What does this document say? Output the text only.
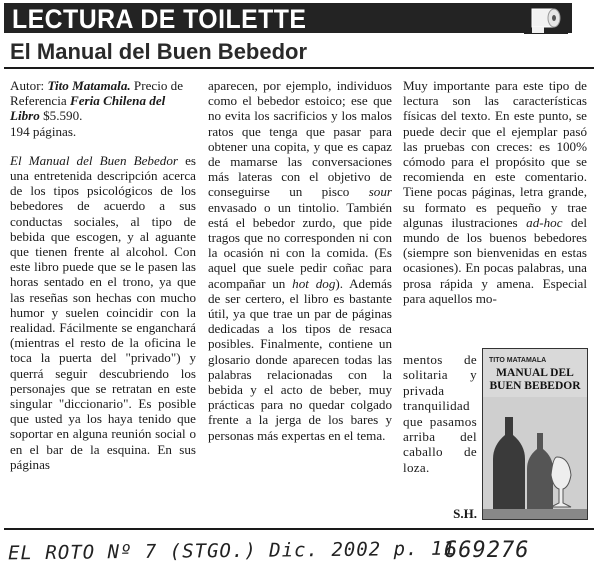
LECTURA DE TOILETTE
El Manual del Buen Bebedor

Autor: Tito Matamala. Precio de Referencia Feria Chilena del Libro $5.590.
194 páginas.

El Manual del Buen Bebedor es una entretenida descripción acerca de los tipos psicológicos de los bebedores de acuerdo a sus conductas sociales, al tipo de bebida que escogen, y al aguante que tienen frente al alcohol. Con este libro puede que se le pasen las horas sentado en el trono, ya que las reseñas son hechas con mucho humor y suelen coincidir con la realidad. Fácilmente se enganchará (mientras el resto de la oficina le toca la puerta del "privado") y querrá seguir descubriendo los personajes que se retratan en este singular "diccionario". Es posible que usted ya los haya tenido que soportar en alguna reunión social o en el bar de la esquina. En sus páginas

aparecen, por ejemplo, individuos como el bebedor estoico; ese que no evita los sacrificios y los malos ratos que tenga que pasar para obtener una copita, y que es capaz de mamarse las conversaciones más lateras con el objetivo de conseguirse un pisco sour envasado o un tintolio. También está el bebedor zurdo, que pide tragos que no corresponden ni con la ocasión ni con la comida. (Es aquel que suele pedir coñac para acompañar un hot dog). Además de ser certero, el libro es bastante útil, ya que trae un par de páginas dedicadas a los tipos de resaca posibles. Finalmente, contiene un glosario donde aparecen todas las palabras relacionadas con la bebida y el acto de beber, muy prácticas para no quedar colgado frente a la jerga de los bares y personas más expertas en el tema.

Muy importante para este tipo de lectura son las características físicas del texto. En este punto, se puede decir que el ejemplar pasó las pruebas con creces: es 100% cómodo para el propósito que se recomienda en este comentario. Tiene pocas páginas, letra grande, su formato es pequeño y trae algunas ilustraciones ad-hoc del mundo de los buenos bebedores (siempre son bienvenidas en estas ocasiones). En pocas palabras, una prosa rápida y amena. Especial para aquellos mo-

mentos de solitaria y privada tranquilidad que pasamos arriba del caballo de loza.

S.H.
TITO MATAMALA
MANUAL DEL BUEN BEBEDOR
EL ROTO Nº 7 (STGO.) Dic. 2002 p. 11
669276
